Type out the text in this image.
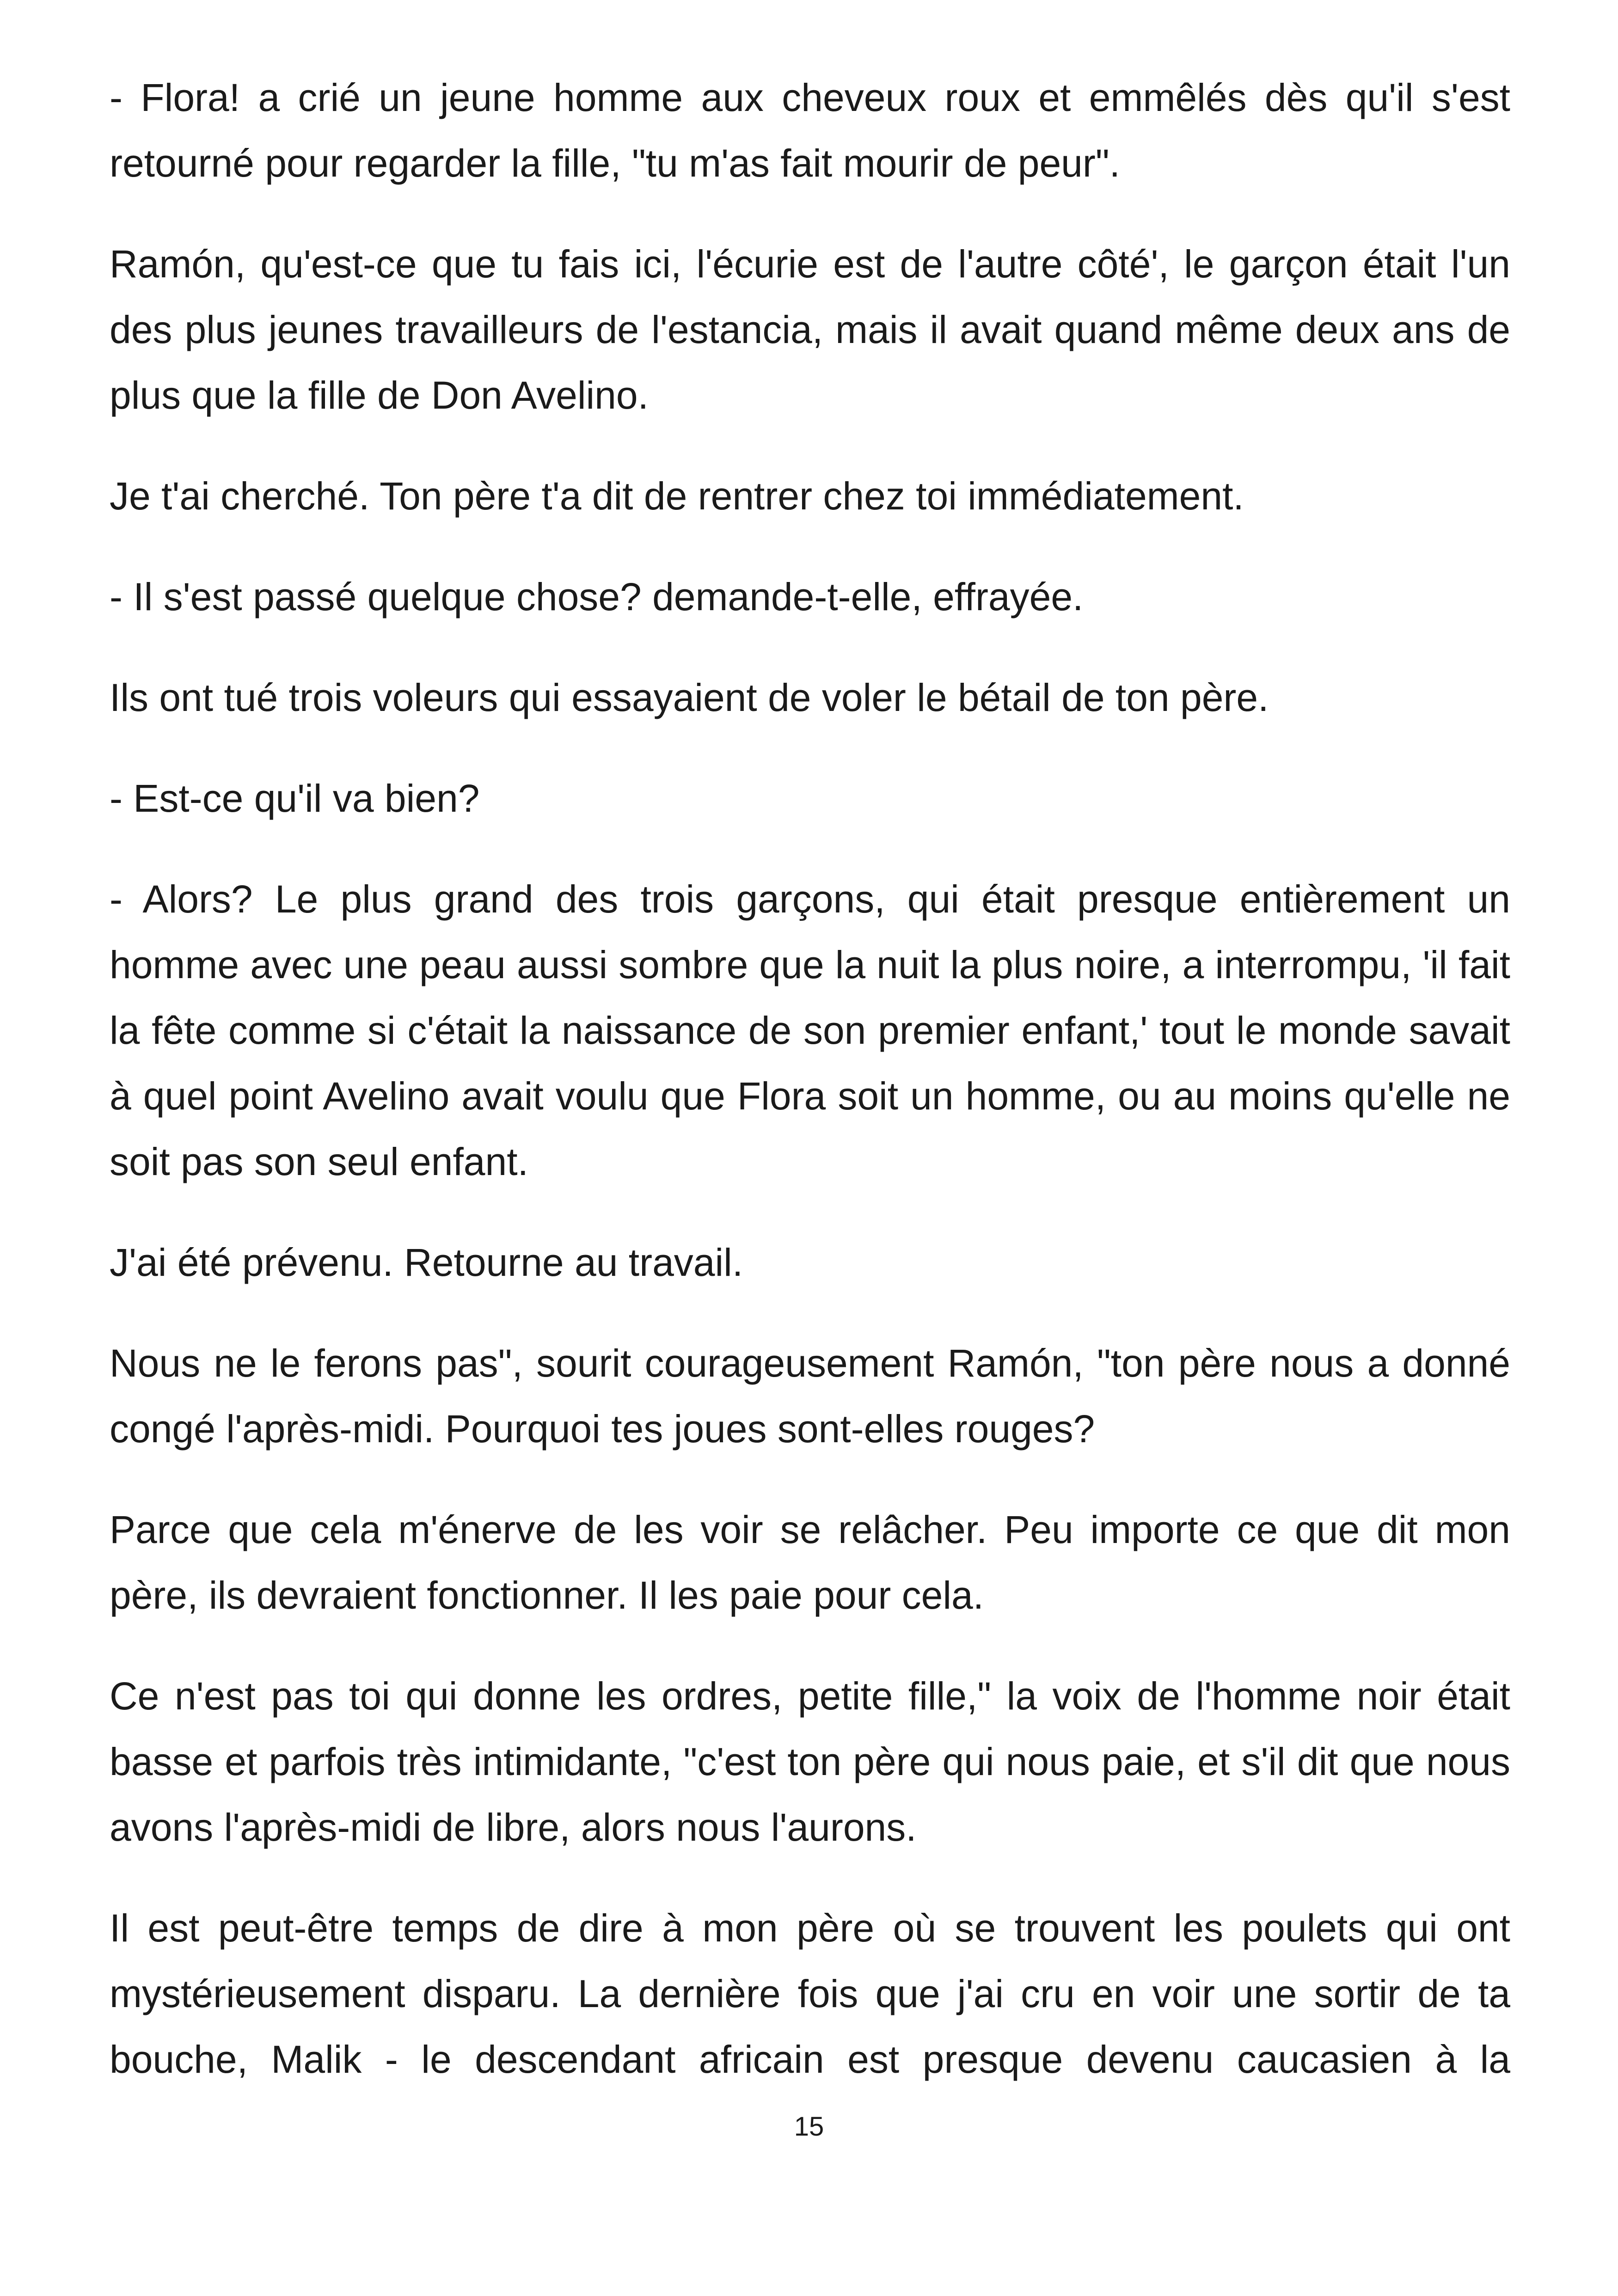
- Flora! a crié un jeune homme aux cheveux roux et emmêlés dès qu'il s'est retourné pour regarder la fille, "tu m'as fait mourir de peur".

Ramón, qu'est-ce que tu fais ici, l'écurie est de l'autre côté', le garçon était l'un des plus jeunes travailleurs de l'estancia, mais il avait quand même deux ans de plus que la fille de Don Avelino.

Je t'ai cherché. Ton père t'a dit de rentrer chez toi immédiatement.

- Il s'est passé quelque chose? demande-t-elle, effrayée.

Ils ont tué trois voleurs qui essayaient de voler le bétail de ton père.

- Est-ce qu'il va bien?

- Alors? Le plus grand des trois garçons, qui était presque entièrement un homme avec une peau aussi sombre que la nuit la plus noire, a interrompu, 'il fait la fête comme si c'était la naissance de son premier enfant,' tout le monde savait à quel point Avelino avait voulu que Flora soit un homme, ou au moins qu'elle ne soit pas son seul enfant.

J'ai été prévenu. Retourne au travail.

Nous ne le ferons pas", sourit courageusement Ramón, "ton père nous a donné congé l'après-midi. Pourquoi tes joues sont-elles rouges?

Parce que cela m'énerve de les voir se relâcher. Peu importe ce que dit mon père, ils devraient fonctionner. Il les paie pour cela.

Ce n'est pas toi qui donne les ordres, petite fille," la voix de l'homme noir était basse et parfois très intimidante, "c'est ton père qui nous paie, et s'il dit que nous avons l'après-midi de libre, alors nous l'aurons.

Il est peut-être temps de dire à mon père où se trouvent les poulets qui ont mystérieusement disparu. La dernière fois que j'ai cru en voir une sortir de ta bouche, Malik - le descendant africain est presque devenu caucasien à la

15
